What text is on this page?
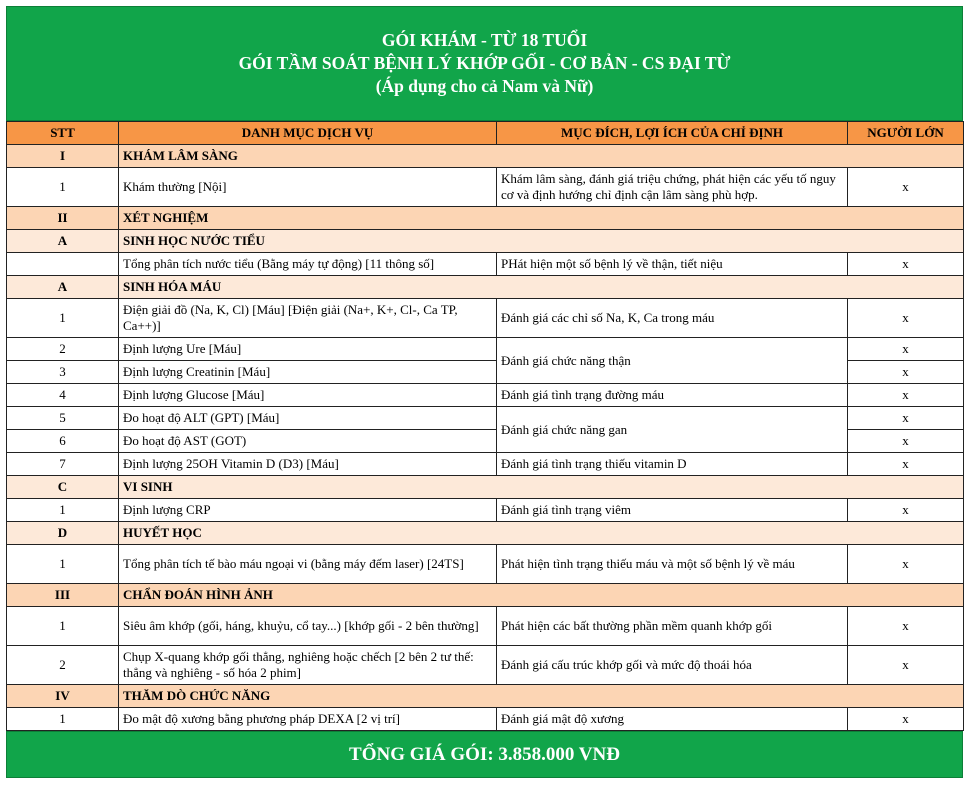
GÓI KHÁM - TỪ 18 TUỔI
GÓI TẦM SOÁT BỆNH LÝ KHỚP GỐI - CƠ BẢN - CS ĐẠI TỪ
(Áp dụng cho cả Nam và Nữ)
STT	DANH MỤC DỊCH VỤ	MỤC ĐÍCH, LỢI ÍCH CỦA CHỈ ĐỊNH	NGƯỜI LỚN
I	KHÁM LÂM SÀNG		
1	Khám thường [Nội]	Khám lâm sàng, đánh giá triệu chứng, phát hiện các yếu tố nguy cơ và định hướng chỉ định cận lâm sàng phù hợp.	x
II	XÉT NGHIỆM		
A	SINH HỌC NƯỚC TIỂU		
	Tổng phân tích nước tiểu (Bằng máy tự động) [11 thông số]	PHát hiện một số bệnh lý về thận, tiết niệu	x
A	SINH HÓA MÁU		
1	Điện giải đồ (Na, K, Cl) [Máu] [Điện giải (Na+, K+, Cl-, Ca TP, Ca++)]	Đánh giá các chỉ số Na, K, Ca trong máu	x
2	Định lượng Ure [Máu]	Đánh giá chức năng thận	x
3	Định lượng Creatinin [Máu]		x
4	Định lượng Glucose [Máu]	Đánh giá tình trạng đường máu	x
5	Đo hoạt độ ALT (GPT) [Máu]	Đánh giá chức năng gan	x
6	Đo hoạt độ AST (GOT)		x
7	Định lượng 25OH Vitamin D (D3) [Máu]	Đánh giá tình trạng thiếu vitamin D	x
C	VI SINH		
1	Định lượng CRP	Đánh giá tình trạng viêm	x
D	HUYẾT HỌC		
1	Tổng phân tích tế bào máu ngoại vi (bằng máy đếm laser) [24TS]	Phát hiện tình trạng thiếu máu và một số bệnh lý về máu	x
III	CHẨN ĐOÁN HÌNH ẢNH		
1	Siêu âm khớp (gối, háng, khuỷu, cổ tay...) [khớp gối - 2 bên thường]	Phát hiện các bất thường phần mềm quanh khớp gối	x
2	Chụp X-quang khớp gối thẳng, nghiêng hoặc chếch [2 bên 2 tư thế: thẳng và nghiêng - số hóa 2 phim]	Đánh giá cấu trúc khớp gối và mức độ thoái hóa	x
IV	THĂM DÒ CHỨC NĂNG		
1	Đo mật độ xương bằng phương pháp DEXA [2 vị trí]	Đánh giá mật độ xương	x
TỔNG GIÁ GÓI: 3.858.000 VNĐ
